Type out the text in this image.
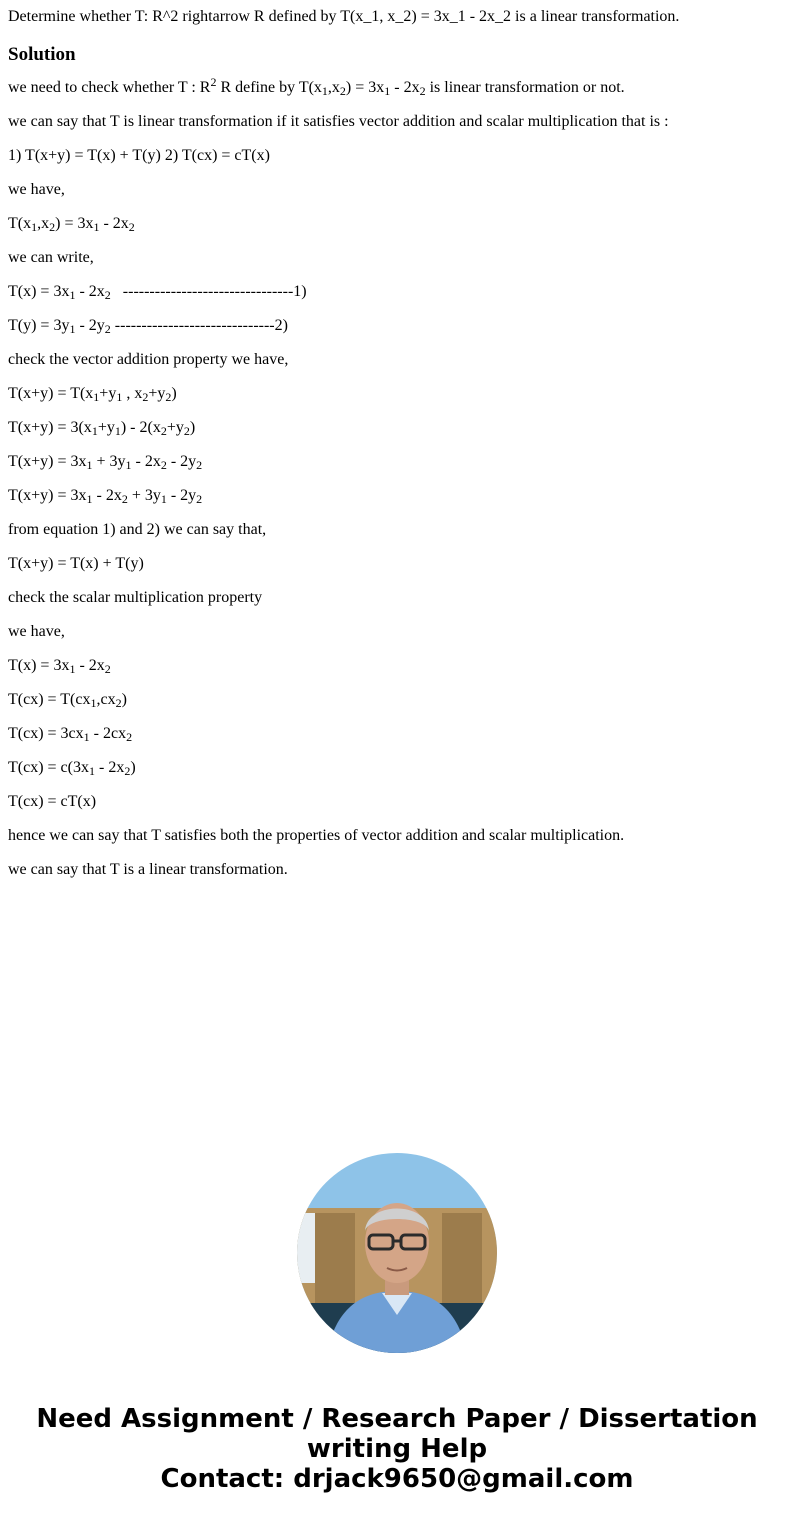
Determine whether T: R^2 rightarrow R defined by T(x_1, x_2) = 3x_1 - 2x_2 is a linear transformation.

Solution

we need to check whether T : $R^2$ R define by $T(x_1,x_2) = 3x_1 - 2x_2$ is linear transformation or not.

we can say that T is linear transformation if it satisfies vector addition and scalar multiplication that is :

1) T(x+y) = T(x) + T(y) 2) T(cx) = cT(x)

we have,

$T(x_1,x_2) = 3x_1 - 2x_2$

we can write,

$T(x) = 3x_1 - 2x_2$   --------------------------------1)

$T(y) = 3y_1 - 2y_2$ ------------------------------2)

check the vector addition property we have,

$T(x+y) = T(x_1+y_1$ , $x_2+y_2$)

$T(x+y) = 3(x_1+y_1) - 2(x_2+y_2)$

$T(x+y) = 3x_1 + 3y_1 - 2x_2 - 2y_2$

$T(x+y) = 3x_1 - 2x_2 + 3y_1 - 2y_2$

from equation 1) and 2) we can say that,

T(x+y) = T(x) + T(y)

check the scalar multiplication property

we have,

$T(x) = 3x_1 - 2x_2$

$T(cx) = T(cx_1,cx_2)$

$T(cx) = 3cx_1 - 2cx_2$

$T(cx) = c(3x_1 - 2x_2)$

T(cx) = cT(x)

hence we can say that T satisfies both the properties of vector addition and scalar multiplication.

we can say that T is a linear transformation.

Need Assignment / Research Paper / Dissertation
writing Help
Contact: drjack9650@gmail.com
